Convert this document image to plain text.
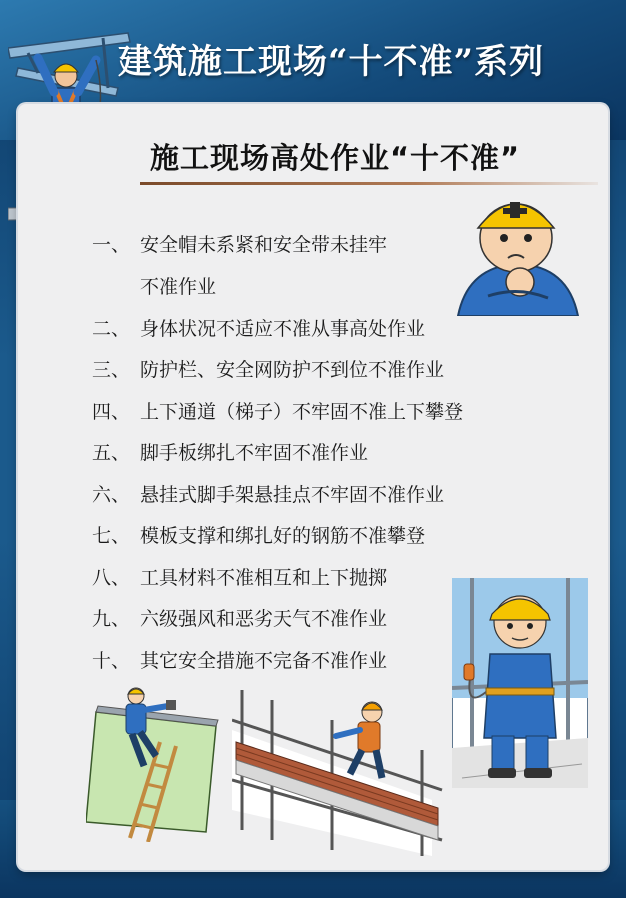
建筑施工现场“十不准”系列
施工现场高处作业“十不准”
一、 安全帽未系紧和安全带未挂牢
不准作业
二、 身体状况不适应不准从事高处作业
三、 防护栏、安全网防护不到位不准作业
四、 上下通道（梯子）不牢固不准上下攀登
五、 脚手板绑扎不牢固不准作业
六、 悬挂式脚手架悬挂点不牢固不准作业
七、 模板支撑和绑扎好的钢筋不准攀登
八、 工具材料不准相互和上下抛掷
九、 六级强风和恶劣天气不准作业
十、 其它安全措施不完备不准作业
